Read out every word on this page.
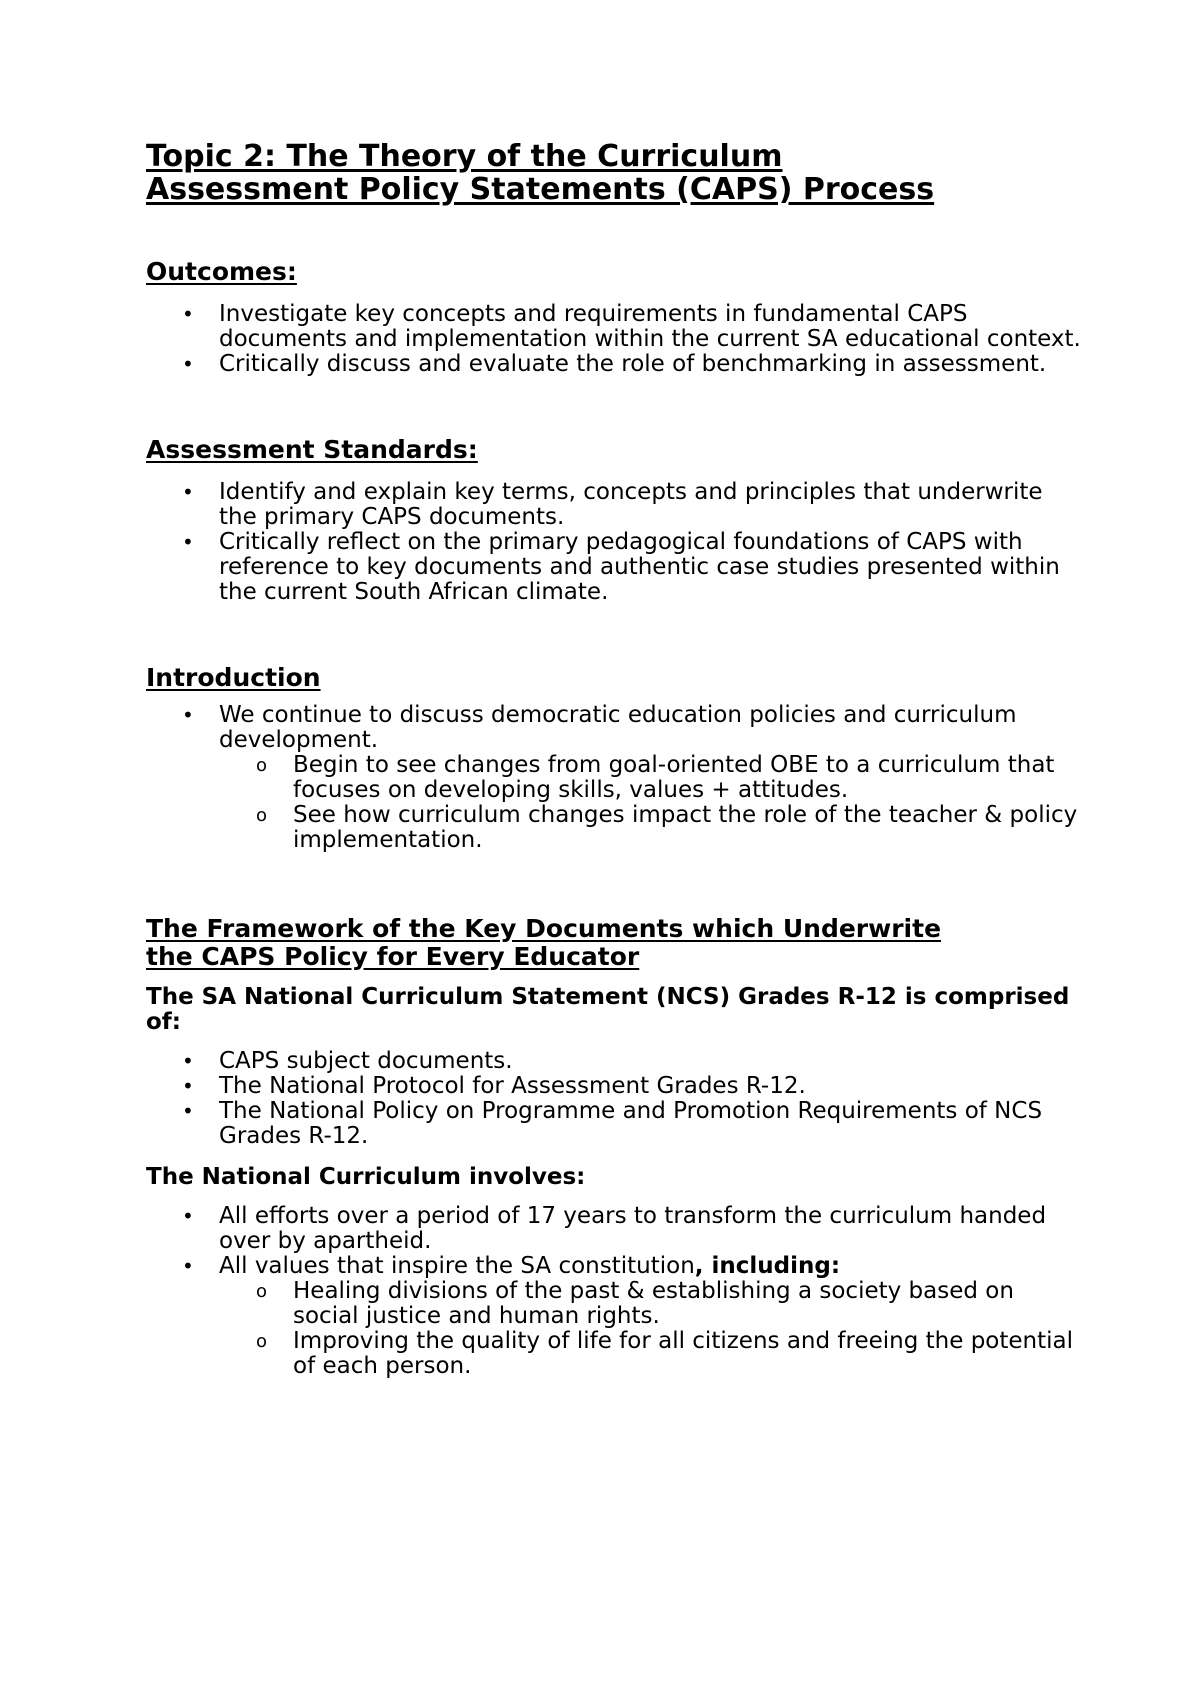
Topic 2: The Theory of the Curriculum
Assessment Policy Statements (CAPS) Process
Outcomes:
• Investigate key concepts and requirements in fundamental CAPS documents and implementation within the current SA educational context.
• Critically discuss and evaluate the role of benchmarking in assessment.
Assessment Standards:
• Identify and explain key terms, concepts and principles that underwrite the primary CAPS documents.
• Critically reflect on the primary pedagogical foundations of CAPS with reference to key documents and authentic case studies presented within the current South African climate.
Introduction
• We continue to discuss democratic education policies and curriculum development.
o Begin to see changes from goal-oriented OBE to a curriculum that focuses on developing skills, values + attitudes.
o See how curriculum changes impact the role of the teacher & policy implementation.
The Framework of the Key Documents which Underwrite
the CAPS Policy for Every Educator

The SA National Curriculum Statement (NCS) Grades R-12 is comprised of:

• CAPS subject documents.
• The National Protocol for Assessment Grades R-12.
• The National Policy on Programme and Promotion Requirements of NCS Grades R-12.

The National Curriculum involves:

• All efforts over a period of 17 years to transform the curriculum handed over by apartheid.
• All values that inspire the SA constitution, including:
o Healing divisions of the past & establishing a society based on social justice and human rights.
o Improving the quality of life for all citizens and freeing the potential of each person.
